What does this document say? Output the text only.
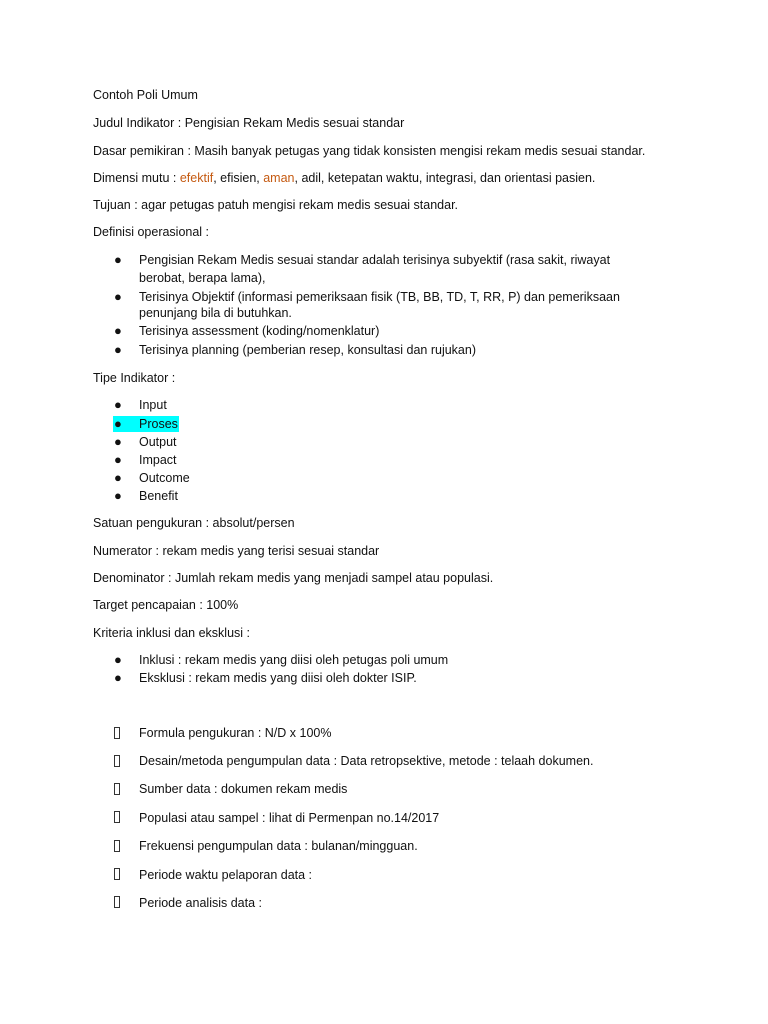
Contoh Poli Umum
Judul Indikator : Pengisian Rekam Medis sesuai standar
Dasar pemikiran : Masih banyak petugas yang tidak konsisten mengisi rekam medis sesuai standar.
Dimensi mutu : efektif, efisien, aman, adil, ketepatan waktu, integrasi, dan orientasi pasien.
Tujuan : agar petugas patuh mengisi rekam medis sesuai standar.
Definisi operasional :
●	Pengisian Rekam Medis sesuai standar adalah terisinya subyektif (rasa sakit, riwayat
berobat, berapa lama),
●	Terisinya Objektif (informasi pemeriksaan fisik (TB, BB, TD, T, RR, P) dan pemeriksaan
penunjang bila di butuhkan.
●	Terisinya assessment (koding/nomenklatur)
●	Terisinya planning (pemberian resep, konsultasi dan rujukan)
Tipe Indikator :
●	Input
●	Proses
●	Output
●	Impact
●	Outcome
●	Benefit
Satuan pengukuran : absolut/persen
Numerator : rekam medis yang terisi sesuai standar
Denominator : Jumlah rekam medis yang menjadi sampel atau populasi.
Target pencapaian : 100%
Kriteria inklusi dan eksklusi :
●	Inklusi : rekam medis yang diisi oleh petugas poli umum
●	Eksklusi : rekam medis yang diisi oleh dokter ISIP.
Formula pengukuran : N/D x 100%
Desain/metoda pengumpulan data : Data retropsektive, metode : telaah dokumen.
Sumber data : dokumen rekam medis
Populasi atau sampel : lihat di Permenpan no.14/2017
Frekuensi pengumpulan data : bulanan/mingguan.
Periode waktu pelaporan data :
Periode analisis data :
